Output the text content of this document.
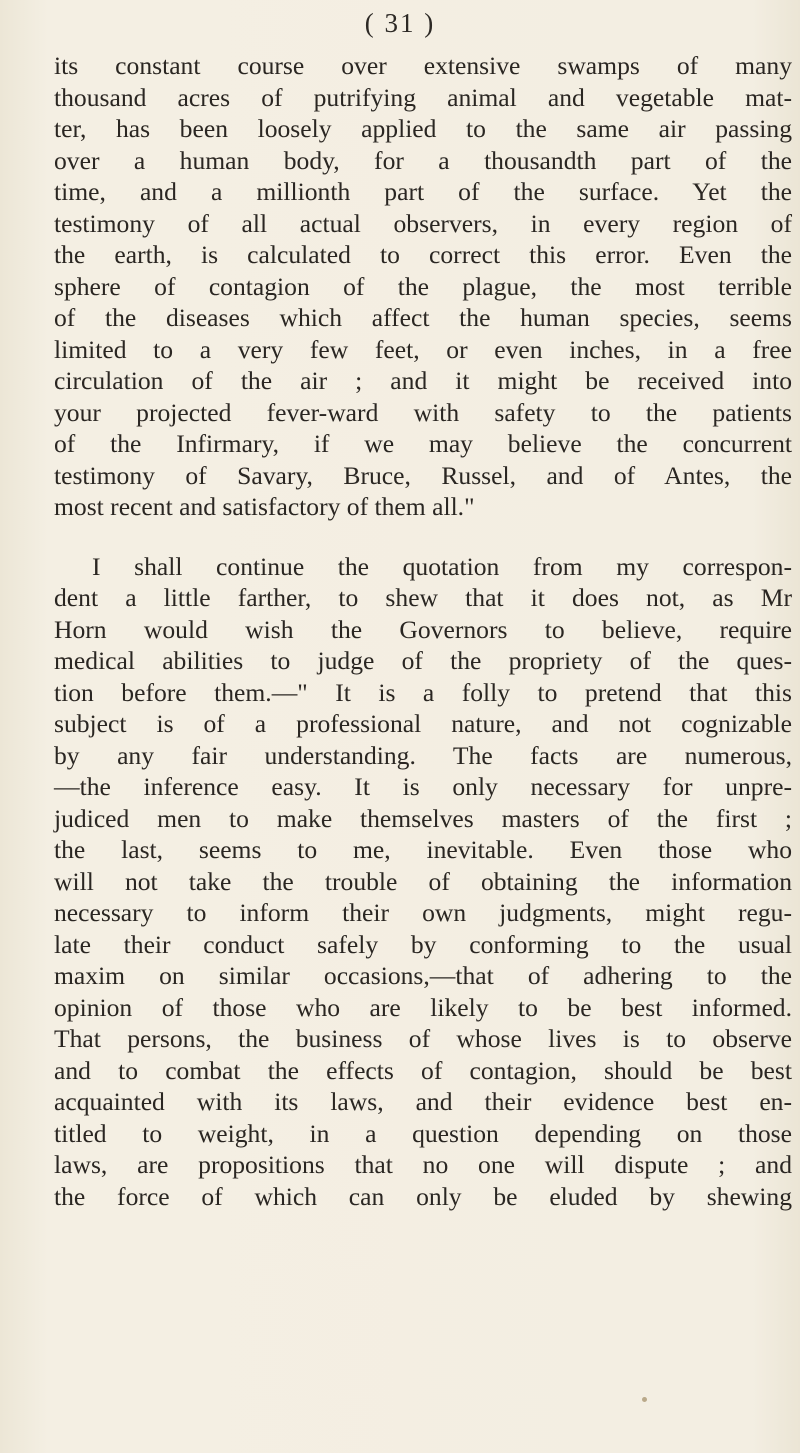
( 31 )
its constant course over extensive swamps of many
thousand acres of putrifying animal and vegetable mat-
ter, has been loosely applied to the same air passing
over a human body, for a thousandth part of the
time, and a millionth part of the surface. Yet the
testimony of all actual observers, in every region of
the earth, is calculated to correct this error. Even the
sphere of contagion of the plague, the most terrible
of the diseases which affect the human species, seems
limited to a very few feet, or even inches, in a free
circulation of the air ; and it might be received into
your projected fever-ward with safety to the patients
of the Infirmary, if we may believe the concurrent
testimony of Savary, Bruce, Russel, and of Antes, the
most recent and satisfactory of them all."
I shall continue the quotation from my correspon-
dent a little farther, to shew that it does not, as Mr
Horn would wish the Governors to believe, require
medical abilities to judge of the propriety of the ques-
tion before them.—" It is a folly to pretend that this
subject is of a professional nature, and not cognizable
by any fair understanding. The facts are numerous,
—the inference easy. It is only necessary for unpre-
judiced men to make themselves masters of the first ;
the last, seems to me, inevitable. Even those who
will not take the trouble of obtaining the information
necessary to inform their own judgments, might regu-
late their conduct safely by conforming to the usual
maxim on similar occasions,—that of adhering to the
opinion of those who are likely to be best informed.
That persons, the business of whose lives is to observe
and to combat the effects of contagion, should be best
acquainted with its laws, and their evidence best en-
titled to weight, in a question depending on those
laws, are propositions that no one will dispute ; and
the force of which can only be eluded by shewing
